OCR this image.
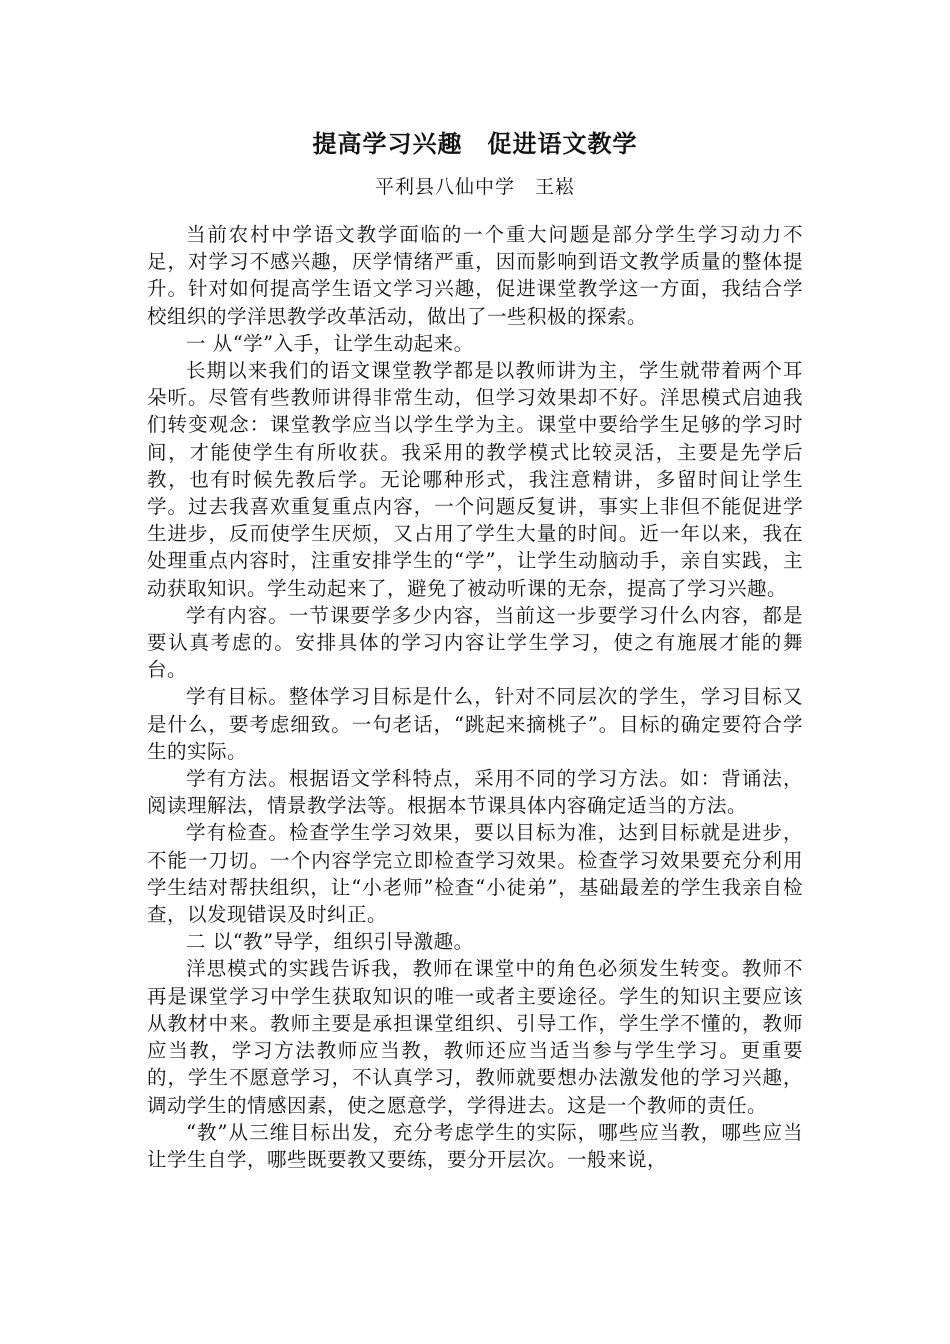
提高学习兴趣　促进语文教学
平利县八仙中学　王崧

当前农村中学语文教学面临的一个重大问题是部分学生学习动力不足，对学习不感兴趣，厌学情绪严重，因而影响到语文教学质量的整体提升。针对如何提高学生语文学习兴趣，促进课堂教学这一方面，我结合学校组织的学洋思教学改革活动，做出了一些积极的探索。

一 从“学”入手，让学生动起来。

长期以来我们的语文课堂教学都是以教师讲为主，学生就带着两个耳朵听。尽管有些教师讲得非常生动，但学习效果却不好。洋思模式启迪我们转变观念：课堂教学应当以学生学为主。课堂中要给学生足够的学习时间，才能使学生有所收获。我采用的教学模式比较灵活，主要是先学后教，也有时候先教后学。无论哪种形式，我注意精讲，多留时间让学生学。过去我喜欢重复重点内容，一个问题反复讲，事实上非但不能促进学生进步，反而使学生厌烦，又占用了学生大量的时间。近一年以来，我在处理重点内容时，注重安排学生的“学”，让学生动脑动手，亲自实践，主动获取知识。学生动起来了，避免了被动听课的无奈，提高了学习兴趣。

学有内容。一节课要学多少内容，当前这一步要学习什么内容，都是要认真考虑的。安排具体的学习内容让学生学习，使之有施展才能的舞台。

学有目标。整体学习目标是什么，针对不同层次的学生，学习目标又是什么，要考虑细致。一句老话，“跳起来摘桃子”。目标的确定要符合学生的实际。

学有方法。根据语文学科特点，采用不同的学习方法。如：背诵法，阅读理解法，情景教学法等。根据本节课具体内容确定适当的方法。

学有检查。检查学生学习效果，要以目标为准，达到目标就是进步，不能一刀切。一个内容学完立即检查学习效果。检查学习效果要充分利用学生结对帮扶组织，让“小老师”检查“小徒弟”，基础最差的学生我亲自检查，以发现错误及时纠正。

二 以“教”导学，组织引导激趣。

洋思模式的实践告诉我，教师在课堂中的角色必须发生转变。教师不再是课堂学习中学生获取知识的唯一或者主要途径。学生的知识主要应该从教材中来。教师主要是承担课堂组织、引导工作，学生学不懂的，教师应当教，学习方法教师应当教，教师还应当适当参与学生学习。更重要的，学生不愿意学习，不认真学习，教师就要想办法激发他的学习兴趣，调动学生的情感因素，使之愿意学，学得进去。这是一个教师的责任。

“教”从三维目标出发，充分考虑学生的实际，哪些应当教，哪些应当让学生自学，哪些既要教又要练，要分开层次。一般来说，
